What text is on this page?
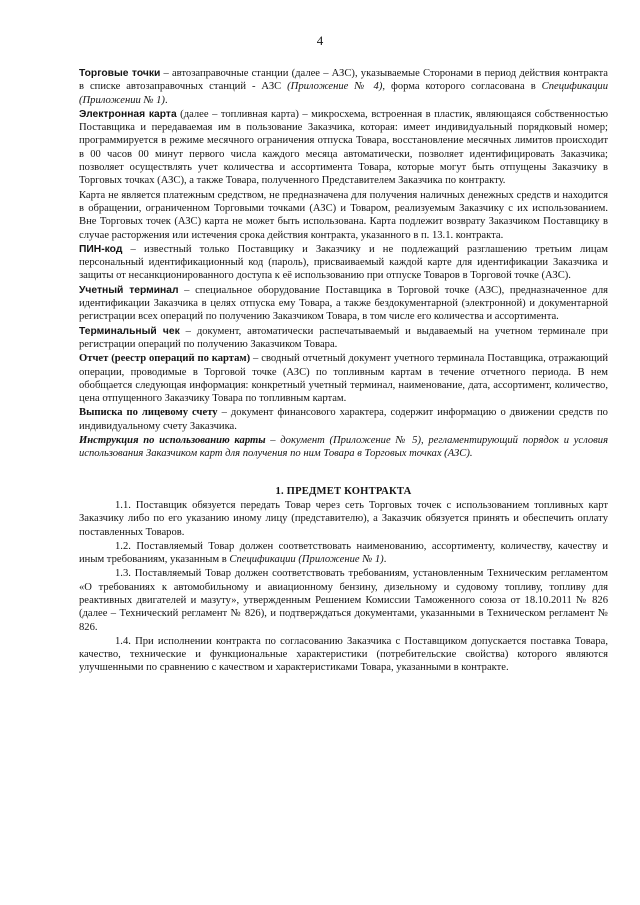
4

Торговые точки – автозаправочные станции (далее – АЗС), указываемые Сторонами в период действия контракта в списке автозаправочных станций - АЗС (Приложение № 4), форма которого согласована в Спецификации (Приложении № 1).

Электронная карта (далее – топливная карта) – микросхема, встроенная в пластик, являющаяся собственностью Поставщика и передаваемая им в пользование Заказчика, которая: имеет индивидуальный порядковый номер; программируется в режиме месячного ограничения отпуска Товара, восстановление месячных лимитов происходит в 00 часов 00 минут первого числа каждого месяца автоматически, позволяет идентифицировать Заказчика; позволяет осуществлять учет количества и ассортимента Товара, которые могут быть отпущены Заказчику в Торговых точках (АЗС), а также Товара, полученного Представителем Заказчика по контракту.

Карта не является платежным средством, не предназначена для получения наличных денежных средств и находится в обращении, ограниченном Торговыми точками (АЗС) и Товаром, реализуемым Заказчику с их использованием. Вне Торговых точек (АЗС) карта не может быть использована. Карта подлежит возврату Заказчиком Поставщику в случае расторжения или истечения срока действия контракта, указанного в п. 13.1. контракта.

ПИН-код – известный только Поставщику и Заказчику и не подлежащий разглашению третьим лицам персональный идентификационный код (пароль), присваиваемый каждой карте для идентификации Заказчика и защиты от несанкционированного доступа к её использованию при отпуске Товаров в Торговой точке (АЗС).

Учетный терминал – специальное оборудование Поставщика в Торговой точке (АЗС), предназначенное для идентификации Заказчика в целях отпуска ему Товара, а также бездокументарной (электронной) и документарной регистрации всех операций по получению Заказчиком Товара, в том числе его количества и ассортимента.

Терминальный чек – документ, автоматически распечатываемый и выдаваемый на учетном терминале при регистрации операций по получению Заказчиком Товара.

Отчет (реестр операций по картам) – сводный отчетный документ учетного терминала Поставщика, отражающий операции, проводимые в Торговой точке (АЗС) по топливным картам в течение отчетного периода. В нем обобщается следующая информация: конкретный учетный терминал, наименование, дата, ассортимент, количество, цена отпущенного Заказчику Товара по топливным картам.

Выписка по лицевому счету – документ финансового характера, содержит информацию о движении средств по индивидуальному счету Заказчика.

Инструкция по использованию карты – документ (Приложение № 5), регламентирующий порядок и условия использования Заказчиком карт для получения по ним Товара в Торговых точках (АЗС).

1. ПРЕДМЕТ КОНТРАКТА

1.1. Поставщик обязуется передать Товар через сеть Торговых точек с использованием топливных карт Заказчику либо по его указанию иному лицу (представителю), а Заказчик обязуется принять и обеспечить оплату поставленных Товаров.

1.2. Поставляемый Товар должен соответствовать наименованию, ассортименту, количеству, качеству и иным требованиям, указанным в Спецификации (Приложение № 1).

1.3. Поставляемый Товар должен соответствовать требованиям, установленным Техническим регламентом «О требованиях к автомобильному и авиационному бензину, дизельному и судовому топливу, топливу для реактивных двигателей и мазуту», утвержденным Решением Комиссии Таможенного союза от 18.10.2011 № 826 (далее – Технический регламент № 826), и подтверждаться документами, указанными в Техническом регламент № 826.

1.4. При исполнении контракта по согласованию Заказчика с Поставщиком допускается поставка Товара, качество, технические и функциональные характеристики (потребительские свойства) которого являются улучшенными по сравнению с качеством и характеристиками Товара, указанными в контракте.
